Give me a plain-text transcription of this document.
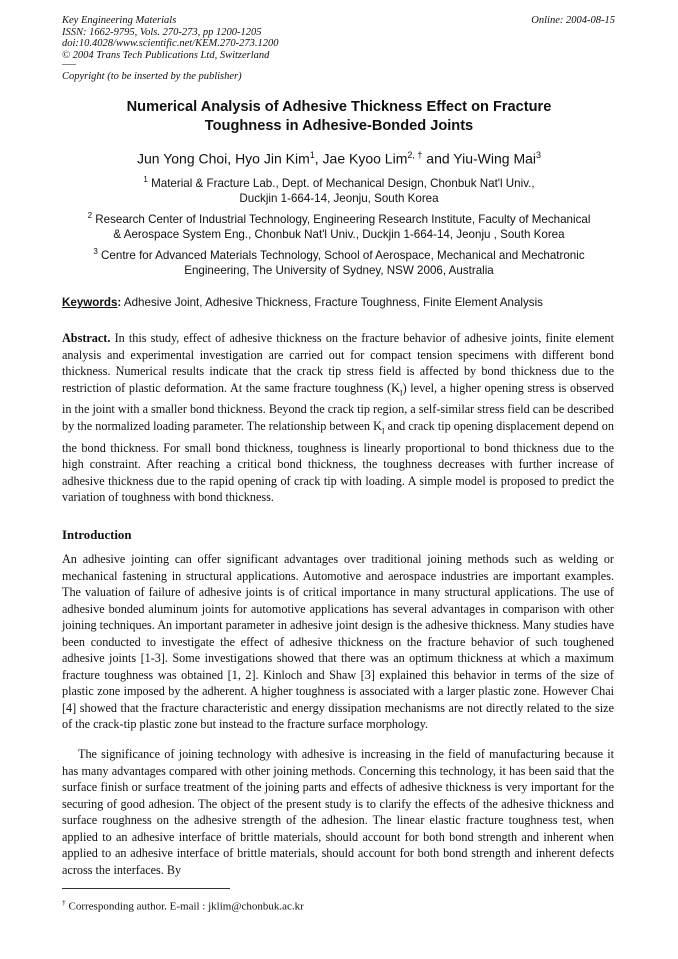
Key Engineering Materials
ISSN: 1662-9795, Vols. 270-273, pp 1200-1205
doi:10.4028/www.scientific.net/KEM.270-273.1200
© 2004 Trans Tech Publications Ltd, Switzerland
Online: 2004-08-15
Copyright (to be inserted by the publisher)
Numerical Analysis of Adhesive Thickness Effect on Fracture
Toughness in Adhesive-Bonded Joints
Jun Yong Choi, Hyo Jin Kim$^1$, Jae Kyoo Lim$^{2, \dagger}$ and Yiu-Wing Mai$^3$
$^1$ Material & Fracture Lab., Dept. of Mechanical Design, Chonbuk Nat'l Univ.,
Duckjin 1-664-14, Jeonju, South Korea
$^2$ Research Center of Industrial Technology, Engineering Research Institute, Faculty of Mechanical
& Aerospace System Eng., Chonbuk Nat'l Univ., Duckjin 1-664-14, Jeonju , South Korea
$^3$ Centre for Advanced Materials Technology, School of Aerospace, Mechanical and Mechatronic
Engineering, The University of Sydney, NSW 2006, Australia
Keywords: Adhesive Joint, Adhesive Thickness, Fracture Toughness, Finite Element Analysis

Abstract. In this study, effect of adhesive thickness on the fracture behavior of adhesive joints, finite element analysis and experimental investigation are carried out for compact tension specimens with different bond thickness. Numerical results indicate that the crack tip stress field is affected by bond thickness due to the restriction of plastic deformation. At the same fracture toughness $(K_I)$ level, a higher opening stress is observed in the joint with a smaller bond thickness. Beyond the crack tip region, a self-similar stress field can be described by the normalized loading parameter. The relationship between $K_I$ and crack tip opening displacement depend on the bond thickness. For small bond thickness, toughness is linearly proportional to bond thickness due to the high constraint. After reaching a critical bond thickness, the toughness decreases with further increase of adhesive thickness due to the rapid opening of crack tip with loading. A simple model is proposed to predict the variation of toughness with bond thickness.

Introduction

An adhesive jointing can offer significant advantages over traditional joining methods such as welding or mechanical fastening in structural applications. Automotive and aerospace industries are important examples. The valuation of failure of adhesive joints is of critical importance in many structural applications. The use of adhesive bonded aluminum joints for automotive applications has several advantages in comparison with other joining techniques. An important parameter in adhesive joint design is the adhesive thickness. Many studies have been conducted to investigate the effect of adhesive thickness on the fracture behavior of such toughened adhesive joints [1-3]. Some investigations showed that there was an optimum thickness at which a maximum fracture toughness was obtained [1, 2]. Kinloch and Shaw [3] explained this behavior in terms of the size of plastic zone imposed by the adherent. A higher toughness is associated with a larger plastic zone. However Chai [4] showed that the fracture characteristic and energy dissipation mechanisms are not directly related to the size of the crack-tip plastic zone but instead to the fracture surface morphology.

The significance of joining technology with adhesive is increasing in the field of manufacturing because it has many advantages compared with other joining methods. Concerning this technology, it has been said that the surface finish or surface treatment of the joining parts and effects of adhesive thickness is very important for the securing of good adhesion. The object of the present study is to clarify the effects of the adhesive thickness and surface roughness on the adhesive strength of the adhesion. The linear elastic fracture toughness test, when applied to an adhesive interface of brittle materials, should account for both bond strength and inherent when applied to an adhesive interface of brittle materials, should account for both bond strength and inherent defects across the interfaces. By

† Corresponding author. E-mail : jklim@chonbuk.ac.kr
